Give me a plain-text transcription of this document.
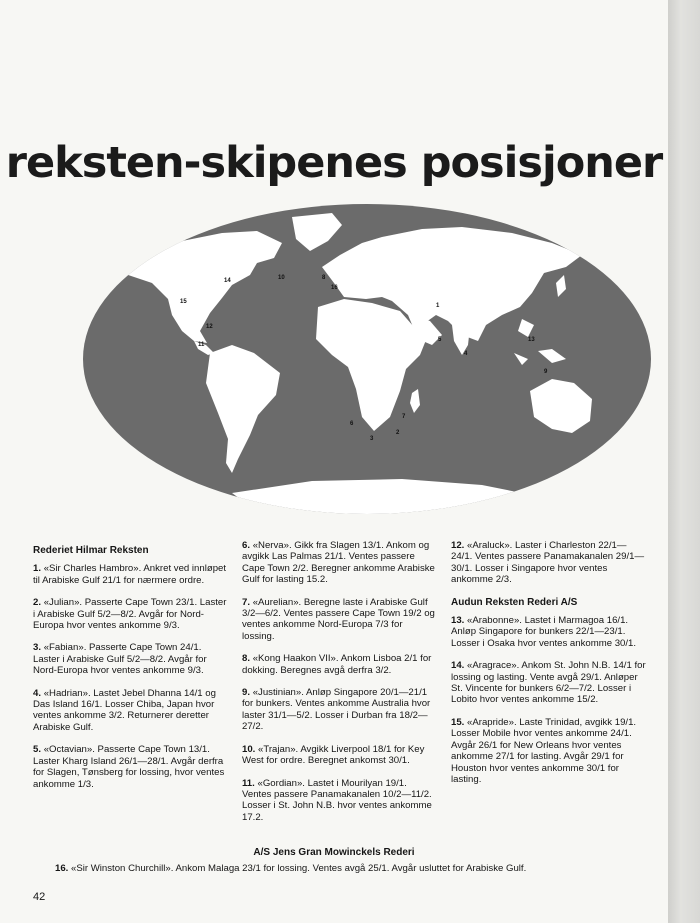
reksten-skipenes posisjoner
1
2
3
4
5
6
7
8
9
10
11
12
13
14
15
16
Rederiet Hilmar Reksten
1. «Sir Charles Hambro». Ankret ved innløpet til Arabiske Gulf 21/1 for nærmere ordre.
2. «Julian». Passerte Cape Town 23/1. Laster i Arabiske Gulf 5/2—8/2. Avgår for Nord-Europa hvor ventes ankomme 9/3.
3. «Fabian». Passerte Cape Town 24/1. Laster i Arabiske Gulf 5/2—8/2. Avgår for Nord-Europa hvor ventes ankomme 9/3.
4. «Hadrian». Lastet Jebel Dhanna 14/1 og Das Island 16/1. Losser Chiba, Japan hvor ventes ankomme 3/2. Returnerer deretter Arabiske Gulf.
5. «Octavian». Passerte Cape Town 13/1. Laster Kharg Island 26/1—28/1. Avgår derfra for Slagen, Tønsberg for lossing, hvor ventes ankomme 1/3.
6. «Nerva». Gikk fra Slagen 13/1. Ankom og avgikk Las Palmas 21/1. Ventes passere Cape Town 2/2. Beregner ankomme Arabiske Gulf for lasting 15.2.
7. «Aurelian». Beregne laste i Arabiske Gulf 3/2—6/2. Ventes passere Cape Town 19/2 og ventes ankomme Nord-Europa 7/3 for lossing.
8. «Kong Haakon VII». Ankom Lisboa 2/1 for dokking. Beregnes avgå derfra 3/2.
9. «Justinian». Anløp Singapore 20/1—21/1 for bunkers. Ventes ankomme Australia hvor laster 31/1—5/2. Losser i Durban fra 18/2—27/2.
10. «Trajan». Avgikk Liverpool 18/1 for Key West for ordre. Beregnet ankomst 30/1.
11. «Gordian». Lastet i Mourilyan 19/1. Ventes passere Panamakanalen 10/2—11/2. Losser i St. John N.B. hvor ventes ankomme 17.2.
12. «Araluck». Laster i Charleston 22/1—24/1. Ventes passere Panamakanalen 29/1—30/1. Losser i Singapore hvor ventes ankomme 2/3.
Audun Reksten Rederi A/S
13. «Arabonne». Lastet i Marmagoa 16/1. Anløp Singapore for bunkers 22/1—23/1. Losser i Osaka hvor ventes ankomme 30/1.
14. «Aragrace». Ankom St. John N.B. 14/1 for lossing og lasting. Vente avgå 29/1. Anløper St. Vincente for bunkers 6/2—7/2. Losser i Lobito hvor ventes ankomme 15/2.
15. «Arapride». Laste Trinidad, avgikk 19/1. Losser Mobile hvor ventes ankomme 24/1. Avgår 26/1 for New Orleans hvor ventes ankomme 27/1 for lasting. Avgår 29/1 for Houston hvor ventes ankomme 30/1 for lasting.
A/S Jens Gran Mowinckels Rederi
16. «Sir Winston Churchill». Ankom Malaga 23/1 for lossing. Ventes avgå 25/1. Avgår usluttet for Arabiske Gulf.
42
